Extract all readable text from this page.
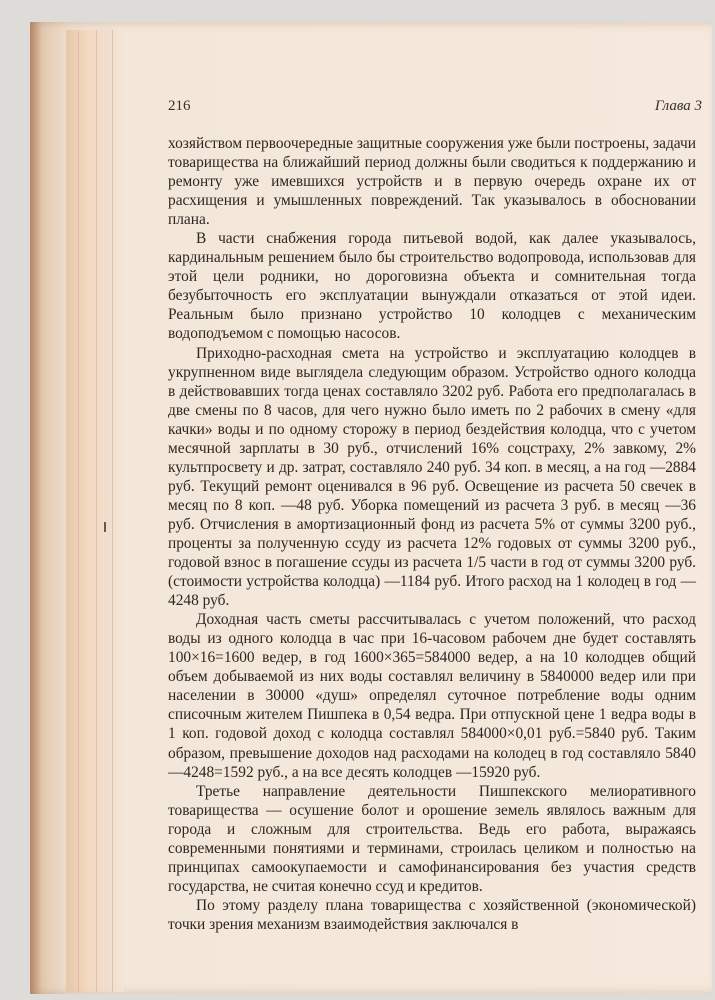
216	Глава 3

хозяйством первоочередные защитные сооружения уже были построены, задачи товарищества на ближайший период должны были сводиться к поддержанию и ремонту уже имевшихся устройств и в первую очередь охране их от расхищения и умышленных повреждений. Так указывалось в обосновании плана.

В части снабжения города питьевой водой, как далее указывалось, кардинальным решением было бы строительство водопровода, использовав для этой цели родники, но дороговизна объекта и сомнительная тогда безубыточность его эксплуатации вынуждали отказаться от этой идеи. Реальным было признано устройство 10 колодцев с механическим водоподъемом с помощью насосов.

Приходно-расходная смета на устройство и эксплуатацию колодцев в укрупненном виде выглядела следующим образом. Устройство одного колодца в действовавших тогда ценах составляло 3202 руб. Работа его предполагалась в две смены по 8 часов, для чего нужно было иметь по 2 рабочих в смену «для качки» воды и по одному сторожу в период бездействия колодца, что с учетом месячной зарплаты в 30 руб., отчислений 16% соцстраху, 2% завкому, 2% культпросвету и др. затрат, составляло 240 руб. 34 коп. в месяц, а на год —2884 руб. Текущий ремонт оценивался в 96 руб. Освещение из расчета 50 свечек в месяц по 8 коп. —48 руб. Уборка помещений из расчета 3 руб. в месяц —36 руб. Отчисления в амортизационный фонд из расчета 5% от суммы 3200 руб., проценты за полученную ссуду из расчета 12% годовых от суммы 3200 руб., годовой взнос в погашение ссуды из расчета 1/5 части в год от суммы 3200 руб. (стоимости устройства колодца) —1184 руб. Итого расход на 1 колодец в год —4248 руб.

Доходная часть сметы рассчитывалась с учетом положений, что расход воды из одного колодца в час при 16-часовом рабочем дне будет составлять 100×16=1600 ведер, в год 1600×365=584000 ведер, а на 10 колодцев общий объем добываемой из них воды составлял величину в 5840000 ведер или при населении в 30000 «душ» определял суточное потребление воды одним списочным жителем Пишпека в 0,54 ведра. При отпускной цене 1 ведра воды в 1 коп. годовой доход с колодца составлял 584000×0,01 руб.=5840 руб. Таким образом, превышение доходов над расходами на колодец в год составляло 5840—4248=1592 руб., а на все десять колодцев —15920 руб.

Третье направление деятельности Пишпекского мелиоративного товарищества — осушение болот и орошение земель являлось важным для города и сложным для строительства. Ведь его работа, выражаясь современными понятиями и терминами, строилась целиком и полностью на принципах самоокупаемости и самофинансирования без участия средств государства, не считая конечно ссуд и кредитов.

По этому разделу плана товарищества с хозяйственной (экономической) точки зрения механизм взаимодействия заключался в
